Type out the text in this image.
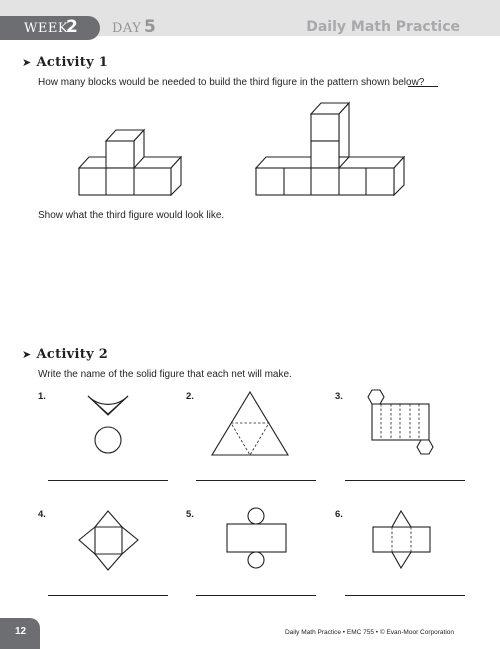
WEEK
2	DAY 5	Daily Math Practice
➤ Activity 1
How many blocks would be needed to build the third figure in the pattern shown below?
Show what the third figure would look like.
➤ Activity 2
Write the name of the solid figure that each net will make.
1.	2.	3.
4.	5.	6.
12	Daily Math Practice • EMC 755 • © Evan-Moor Corporation
